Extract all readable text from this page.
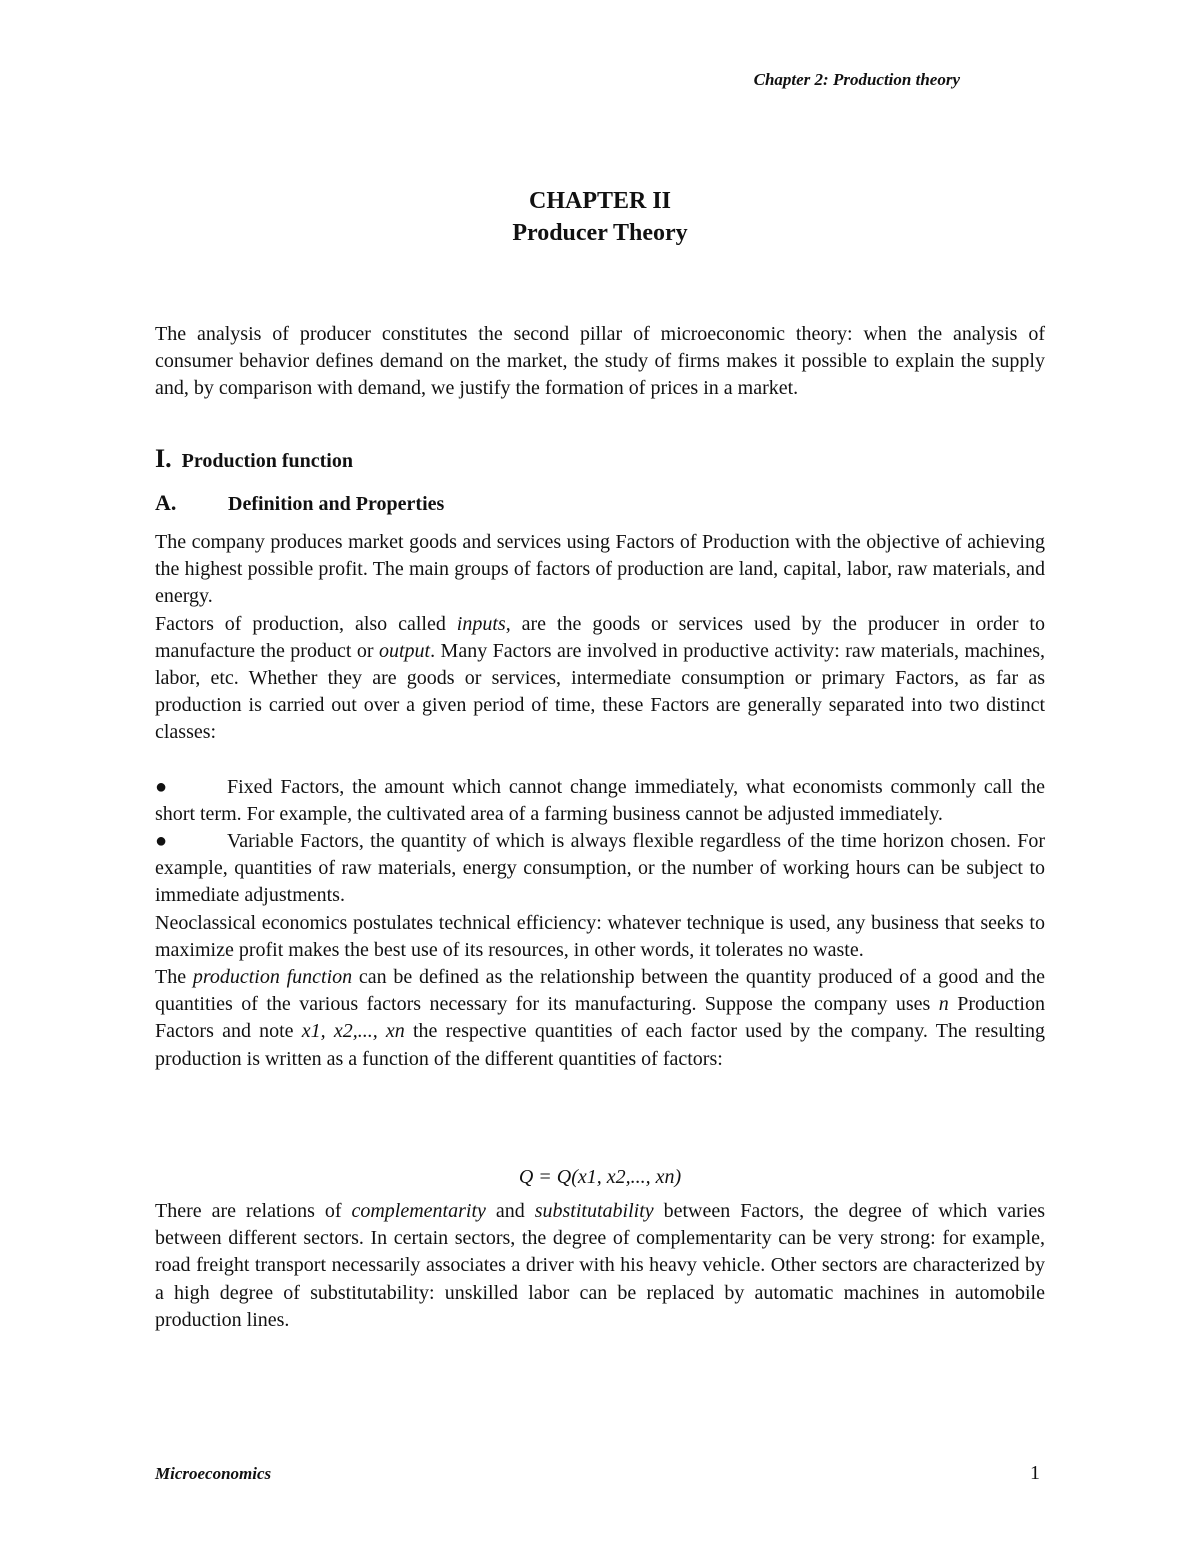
Chapter 2: Production theory
CHAPTER II
Producer Theory

The analysis of producer constitutes the second pillar of microeconomic theory: when the analysis of consumer behavior defines demand on the market, the study of firms makes it possible to explain the supply and, by comparison with demand, we justify the formation of prices in a market.

I. Production function
A.	Definition and Properties

The company produces market goods and services using Factors of Production with the objective of achieving the highest possible profit. The main groups of factors of production are land, capital, labor, raw materials, and energy.

Factors of production, also called inputs, are the goods or services used by the producer in order to manufacture the product or output. Many Factors are involved in productive activity: raw materials, machines, labor, etc. Whether they are goods or services, intermediate consumption or primary Factors, as far as production is carried out over a given period of time, these Factors are generally separated into two distinct classes:

●	Fixed Factors, the amount which cannot change immediately, what economists commonly call the short term. For example, the cultivated area of a farming business cannot be adjusted immediately.

●	Variable Factors, the quantity of which is always flexible regardless of the time horizon chosen. For example, quantities of raw materials, energy consumption, or the number of working hours can be subject to immediate adjustments.

Neoclassical economics postulates technical efficiency: whatever technique is used, any business that seeks to maximize profit makes the best use of its resources, in other words, it tolerates no waste.

The production function can be defined as the relationship between the quantity produced of a good and the quantities of the various factors necessary for its manufacturing. Suppose the company uses n Production Factors and note x1, x2,..., xn the respective quantities of each factor used by the company. The resulting production is written as a function of the different quantities of factors:

Q = Q(x1, x2,..., xn)

There are relations of complementarity and substitutability between Factors, the degree of which varies between different sectors. In certain sectors, the degree of complementarity can be very strong: for example, road freight transport necessarily associates a driver with his heavy vehicle. Other sectors are characterized by a high degree of substitutability: unskilled labor can be replaced by automatic machines in automobile production lines.

Microeconomics	1
